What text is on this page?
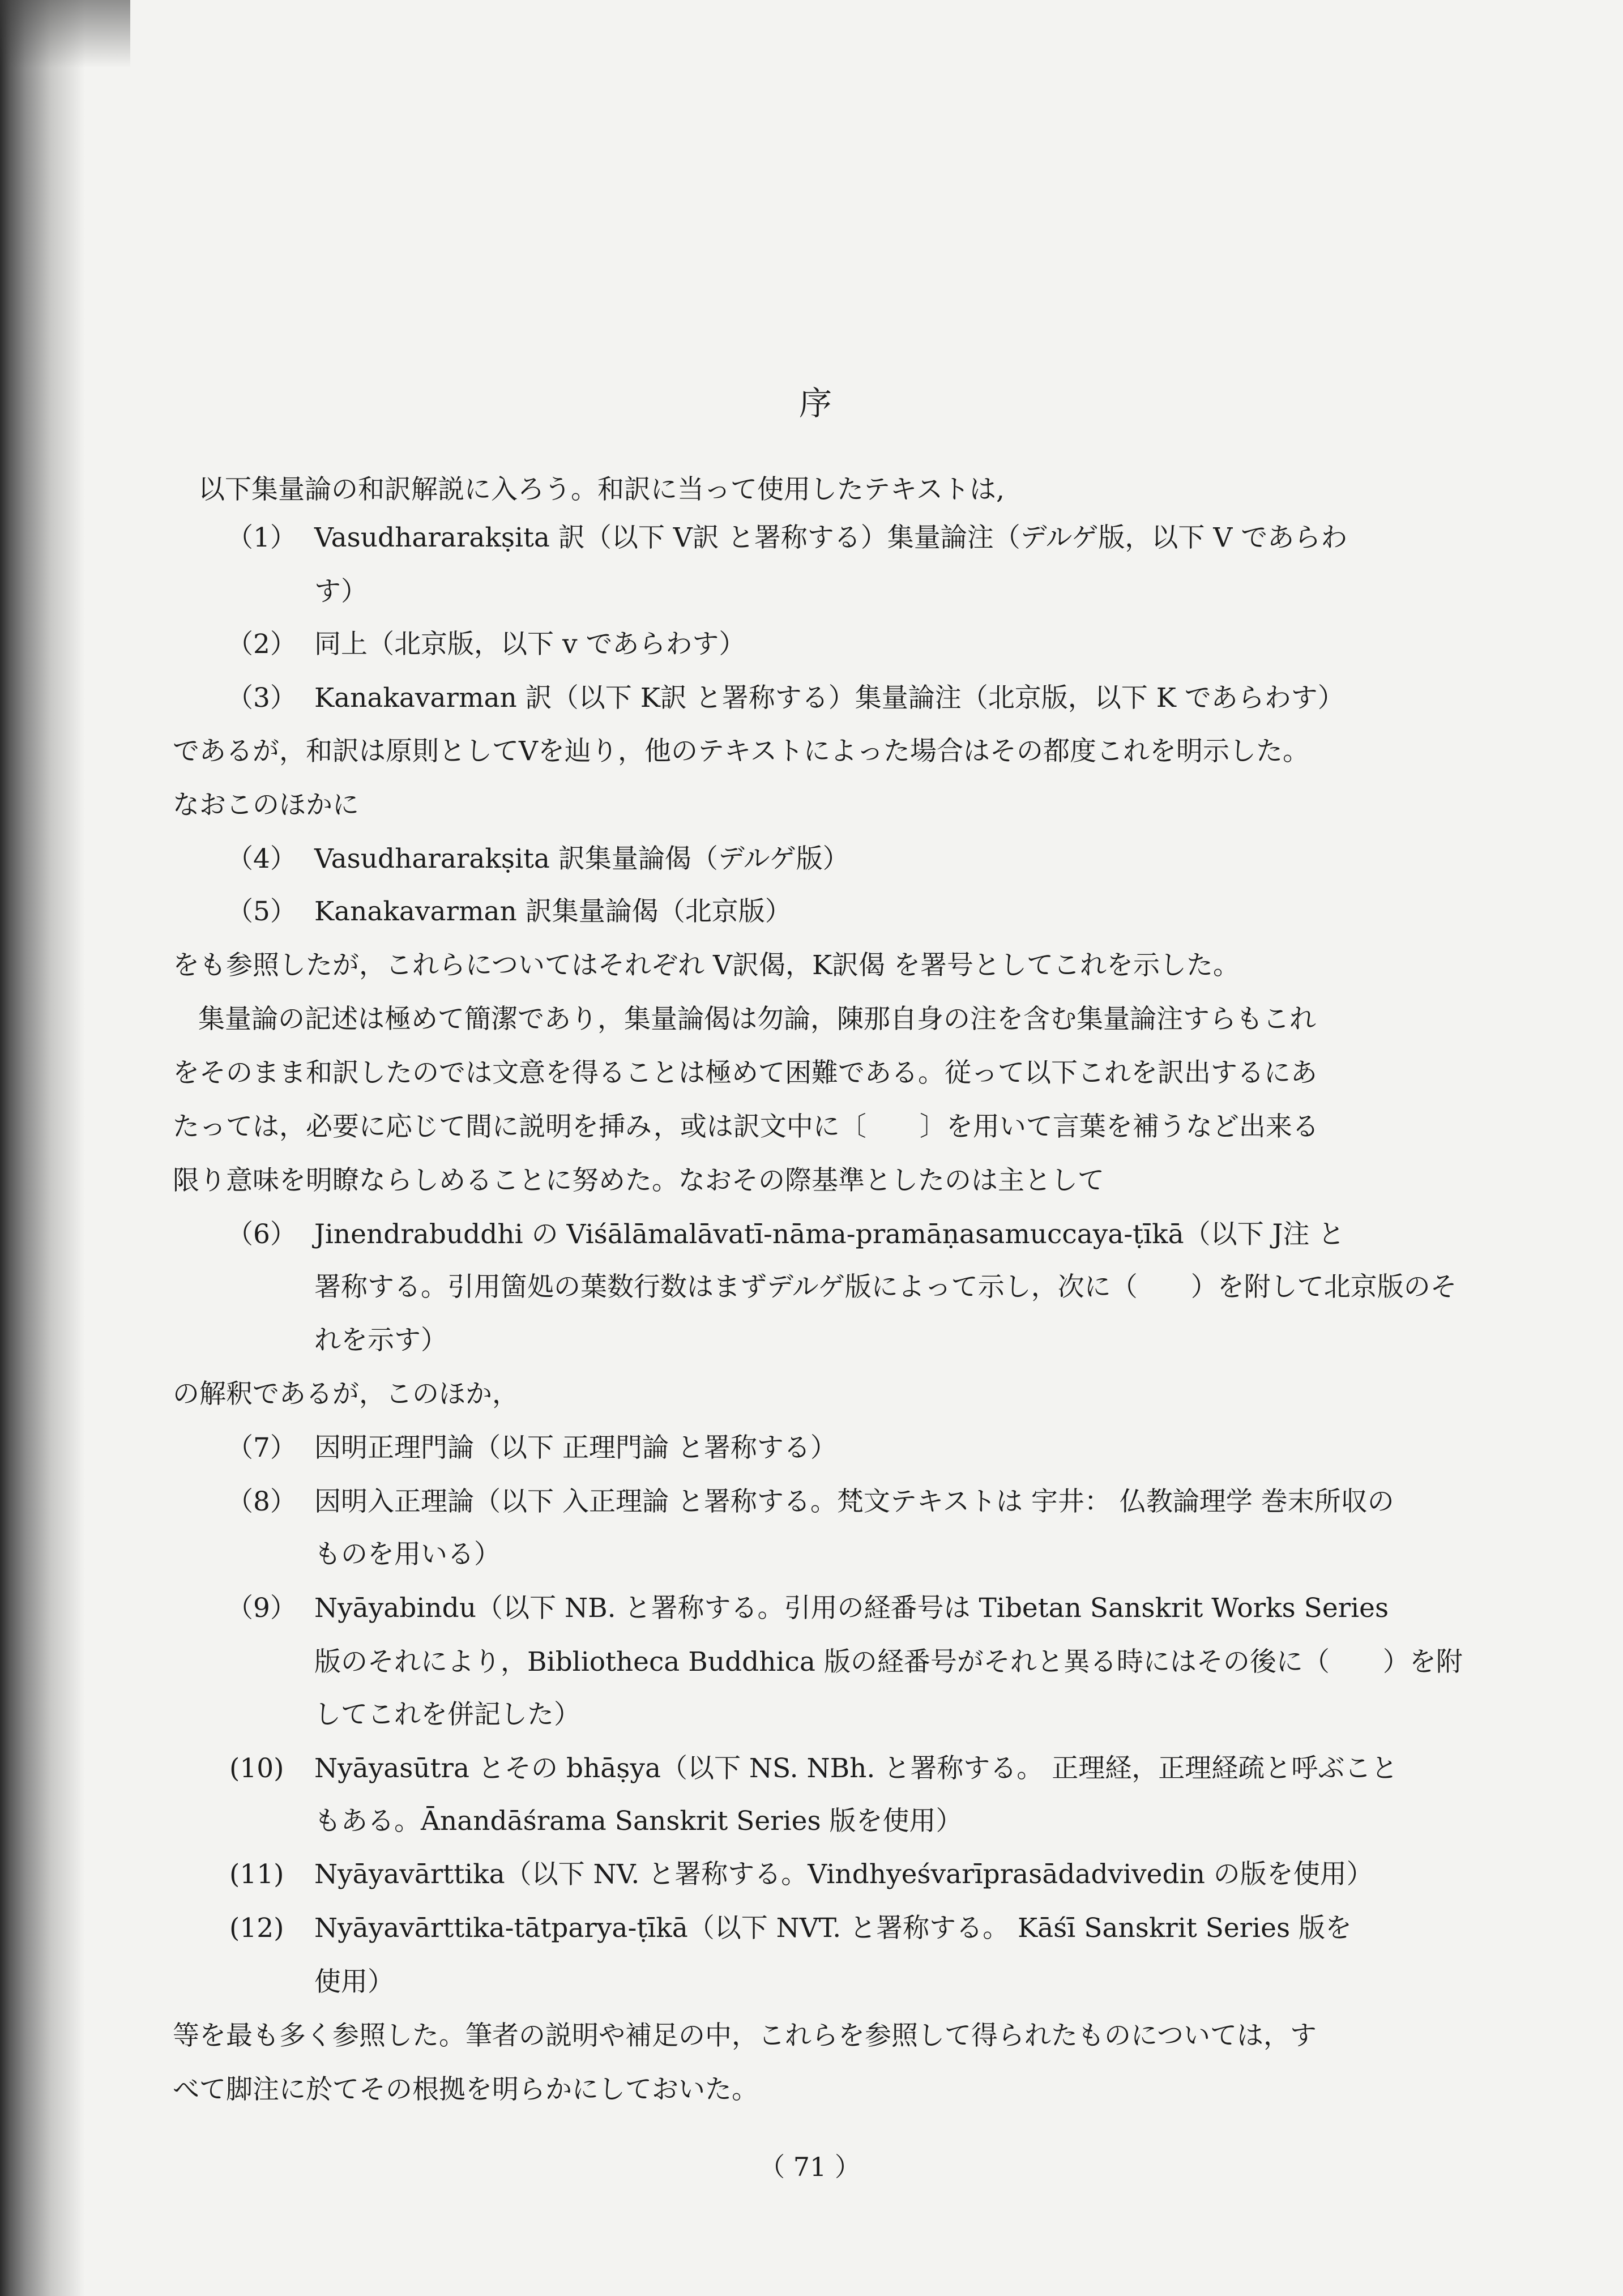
序
以下集量論の和訳解説に入ろう。和訳に当って使用したテキストは,
（1） Vasudhararakṣita 訳（以下 V訳 と署称する）集量論注（デルゲ版，以下 V であらわ
す）
（2） 同上（北京版，以下 v であらわす）
（3） Kanakavarman 訳（以下 K訳 と署称する）集量論注（北京版，以下 K であらわす）
であるが，和訳は原則としてVを辿り，他のテキストによった場合はその都度これを明示した。
なおこのほかに
（4） Vasudhararakṣita 訳集量論偈（デルゲ版）
（5） Kanakavarman 訳集量論偈（北京版）
をも参照したが，これらについてはそれぞれ V訳偈，K訳偈 を署号としてこれを示した。
集量論の記述は極めて簡潔であり，集量論偈は勿論，陳那自身の注を含む集量論注すらもこれ
をそのまま和訳したのでは文意を得ることは極めて困難である。従って以下これを訳出するにあ
たっては，必要に応じて間に説明を挿み，或は訳文中に〔　　〕を用いて言葉を補うなど出来る
限り意味を明瞭ならしめることに努めた。なおその際基準としたのは主として
（6） Jinendrabuddhi の Viśālāmalāvatī-nāma-pramāṇasamuccaya-ṭīkā（以下 J注 と
署称する。引用箇処の葉数行数はまずデルゲ版によって示し，次に（　　）を附して北京版のそ
れを示す）
の解釈であるが，このほか，
（7） 因明正理門論（以下 正理門論 と署称する）
（8） 因明入正理論（以下 入正理論 と署称する。梵文テキストは 宇井： 仏教論理学 巻末所収の
ものを用いる）
（9） Nyāyabindu（以下 NB. と署称する。引用の経番号は Tibetan Sanskrit Works Series
版のそれにより，Bibliotheca Buddhica 版の経番号がそれと異る時にはその後に（　　）を附
してこれを併記した）
(10) Nyāyasūtra とその bhāṣya（以下 NS. NBh. と署称する。 正理経，正理経疏と呼ぶこと
もある。Ānandāśrama Sanskrit Series 版を使用）
(11) Nyāyavārttika（以下 NV. と署称する。Vindhyeśvarīprasādadvivedin の版を使用）
(12) Nyāyavārttika-tātparya-ṭīkā（以下 NVT. と署称する。 Kāśī Sanskrit Series 版を
使用）
等を最も多く参照した。筆者の説明や補足の中，これらを参照して得られたものについては，す
べて脚注に於てその根拠を明らかにしておいた。
（ 71 ）
